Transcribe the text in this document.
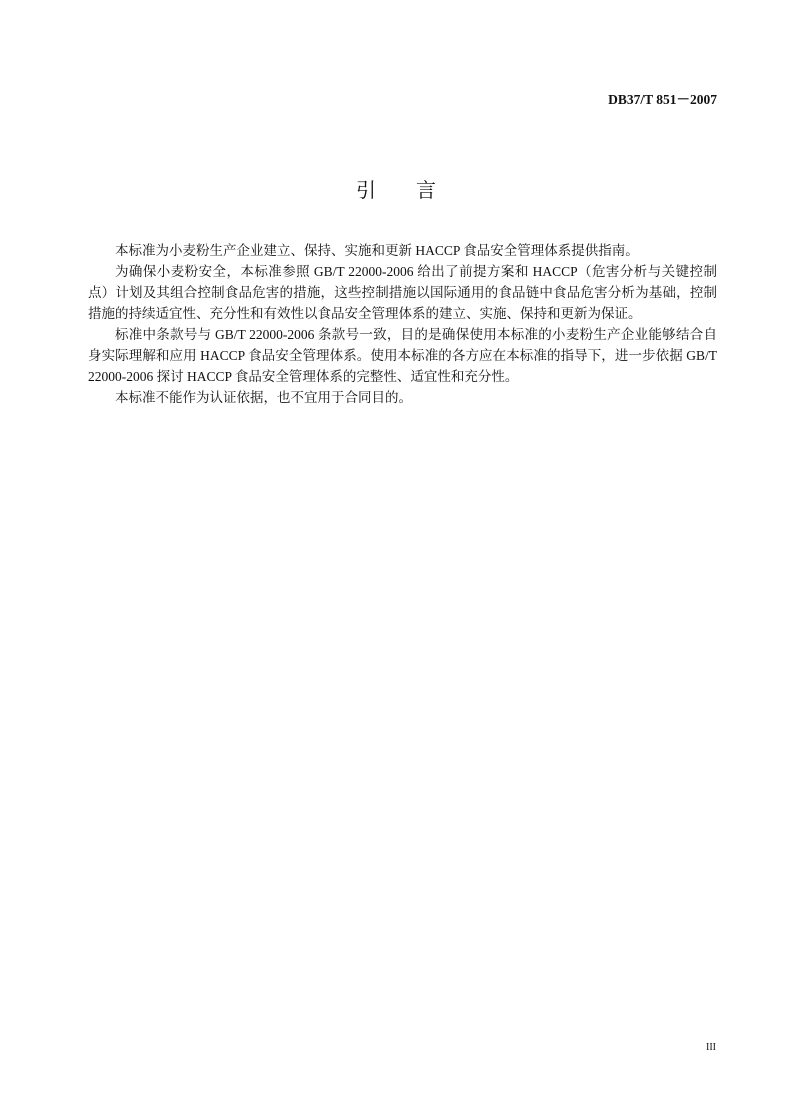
DB37/T 851－2007
引　　言

本标准为小麦粉生产企业建立、保持、实施和更新 HACCP 食品安全管理体系提供指南。

为确保小麦粉安全，本标准参照 GB/T 22000-2006 给出了前提方案和 HACCP（危害分析与关键控制点）计划及其组合控制食品危害的措施，这些控制措施以国际通用的食品链中食品危害分析为基础，控制措施的持续适宜性、充分性和有效性以食品安全管理体系的建立、实施、保持和更新为保证。

标准中条款号与 GB/T 22000-2006 条款号一致，目的是确保使用本标准的小麦粉生产企业能够结合自身实际理解和应用 HACCP 食品安全管理体系。使用本标准的各方应在本标准的指导下，进一步依据 GB/T 22000-2006 探讨 HACCP 食品安全管理体系的完整性、适宜性和充分性。

本标准不能作为认证依据，也不宜用于合同目的。

III
